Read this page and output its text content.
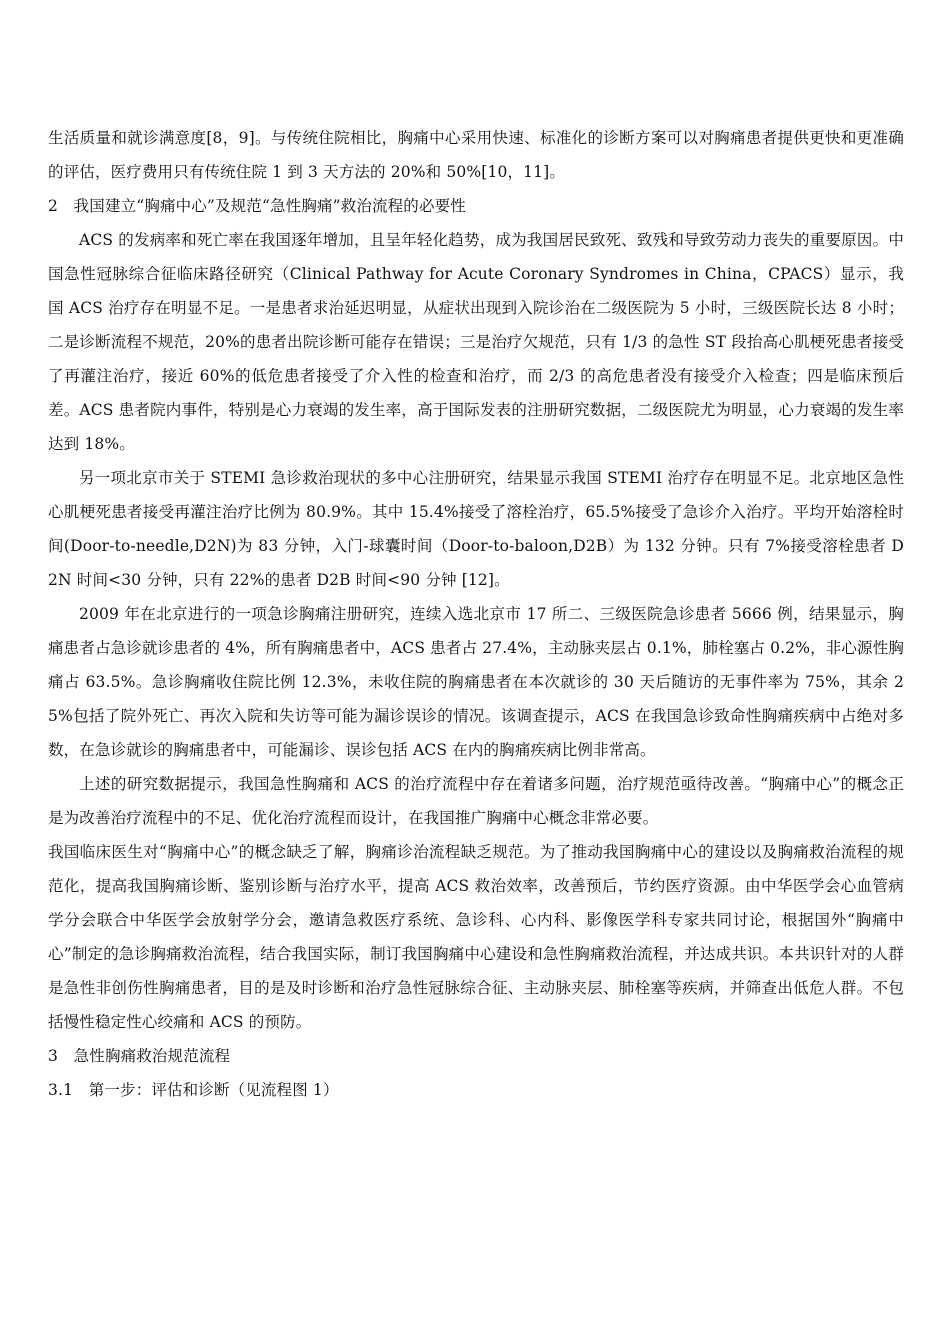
生活质量和就诊满意度[8，9]。与传统住院相比，胸痛中心采用快速、标准化的诊断方案可以对胸痛患者提供更快和更准确的评估，医疗费用只有传统住院 1 到 3 天方法的 20%和 50%[10，11]。

2　我国建立“胸痛中心”及规范“急性胸痛”救治流程的必要性

ACS 的发病率和死亡率在我国逐年增加，且呈年轻化趋势，成为我国居民致死、致残和导致劳动力丧失的重要原因。中国急性冠脉综合征临床路径研究（Clinical Pathway for Acute Coronary Syndromes in China，CPACS）显示，我国 ACS 治疗存在明显不足。一是患者求治延迟明显，从症状出现到入院诊治在二级医院为 5 小时，三级医院长达 8 小时；二是诊断流程不规范，20%的患者出院诊断可能存在错误；三是治疗欠规范，只有 1/3 的急性 ST 段抬高心肌梗死患者接受了再灌注治疗，接近 60%的低危患者接受了介入性的检查和治疗，而 2/3 的高危患者没有接受介入检查；四是临床预后差。ACS 患者院内事件，特别是心力衰竭的发生率，高于国际发表的注册研究数据，二级医院尤为明显，心力衰竭的发生率达到 18%。

另一项北京市关于 STEMI 急诊救治现状的多中心注册研究，结果显示我国 STEMI 治疗存在明显不足。北京地区急性心肌梗死患者接受再灌注治疗比例为 80.9%。其中 15.4%接受了溶栓治疗，65.5%接受了急诊介入治疗。平均开始溶栓时间(Door-to-needle,D2N)为 83 分钟，入门-球囊时间（Door-to-baloon,D2B）为 132 分钟。只有 7%接受溶栓患者 D2N 时间<30 分钟，只有 22%的患者 D2B 时间<90 分钟 [12]。

2009 年在北京进行的一项急诊胸痛注册研究，连续入选北京市 17 所二、三级医院急诊患者 5666 例，结果显示，胸痛患者占急诊就诊患者的 4%，所有胸痛患者中，ACS 患者占 27.4%，主动脉夹层占 0.1%，肺栓塞占 0.2%，非心源性胸痛占 63.5%。急诊胸痛收住院比例 12.3%，未收住院的胸痛患者在本次就诊的 30 天后随访的无事件率为 75%，其余 25%包括了院外死亡、再次入院和失访等可能为漏诊误诊的情况。该调查提示，ACS 在我国急诊致命性胸痛疾病中占绝对多数，在急诊就诊的胸痛患者中，可能漏诊、误诊包括 ACS 在内的胸痛疾病比例非常高。

上述的研究数据提示，我国急性胸痛和 ACS 的治疗流程中存在着诸多问题，治疗规范亟待改善。“胸痛中心”的概念正是为改善治疗流程中的不足、优化治疗流程而设计，在我国推广胸痛中心概念非常必要。

我国临床医生对“胸痛中心”的概念缺乏了解，胸痛诊治流程缺乏规范。为了推动我国胸痛中心的建设以及胸痛救治流程的规范化，提高我国胸痛诊断、鉴别诊断与治疗水平，提高 ACS 救治效率，改善预后，节约医疗资源。由中华医学会心血管病学分会联合中华医学会放射学分会，邀请急救医疗系统、急诊科、心内科、影像医学科专家共同讨论，根据国外“胸痛中心”制定的急诊胸痛救治流程，结合我国实际，制订我国胸痛中心建设和急性胸痛救治流程，并达成共识。本共识针对的人群是急性非创伤性胸痛患者，目的是及时诊断和治疗急性冠脉综合征、主动脉夹层、肺栓塞等疾病，并筛查出低危人群。不包括慢性稳定性心绞痛和 ACS 的预防。

3　急性胸痛救治规范流程

3.1　第一步：评估和诊断（见流程图 1）
